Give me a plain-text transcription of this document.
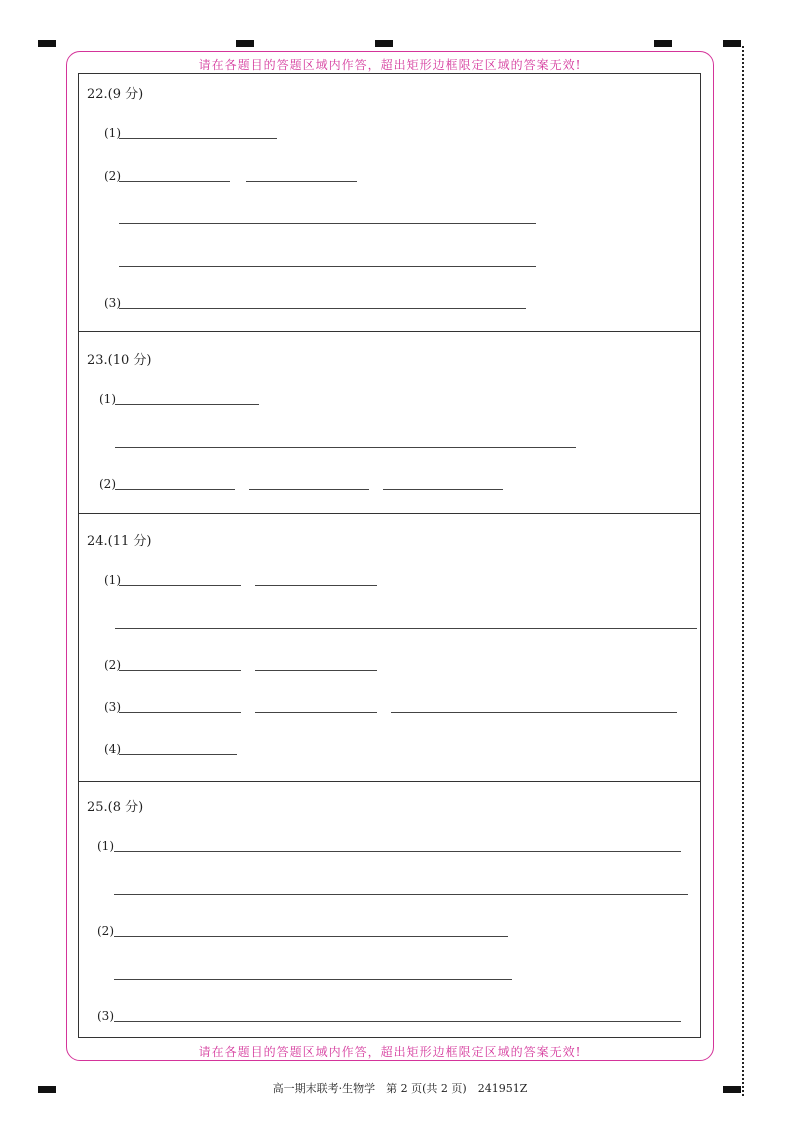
请在各题目的答题区域内作答，超出矩形边框限定区域的答案无效!
请在各题目的答题区域内作答，超出矩形边框限定区域的答案无效!
22.(9 分)
(1)
(2)
(3)
23.(10 分)
(1)
(2)
24.(11 分)
(1)
(2)
(3)
(4)
25.(8 分)
(1)
(2)
(3)
高一期末联考·生物学　第 2 页(共 2 页)　241951Z
